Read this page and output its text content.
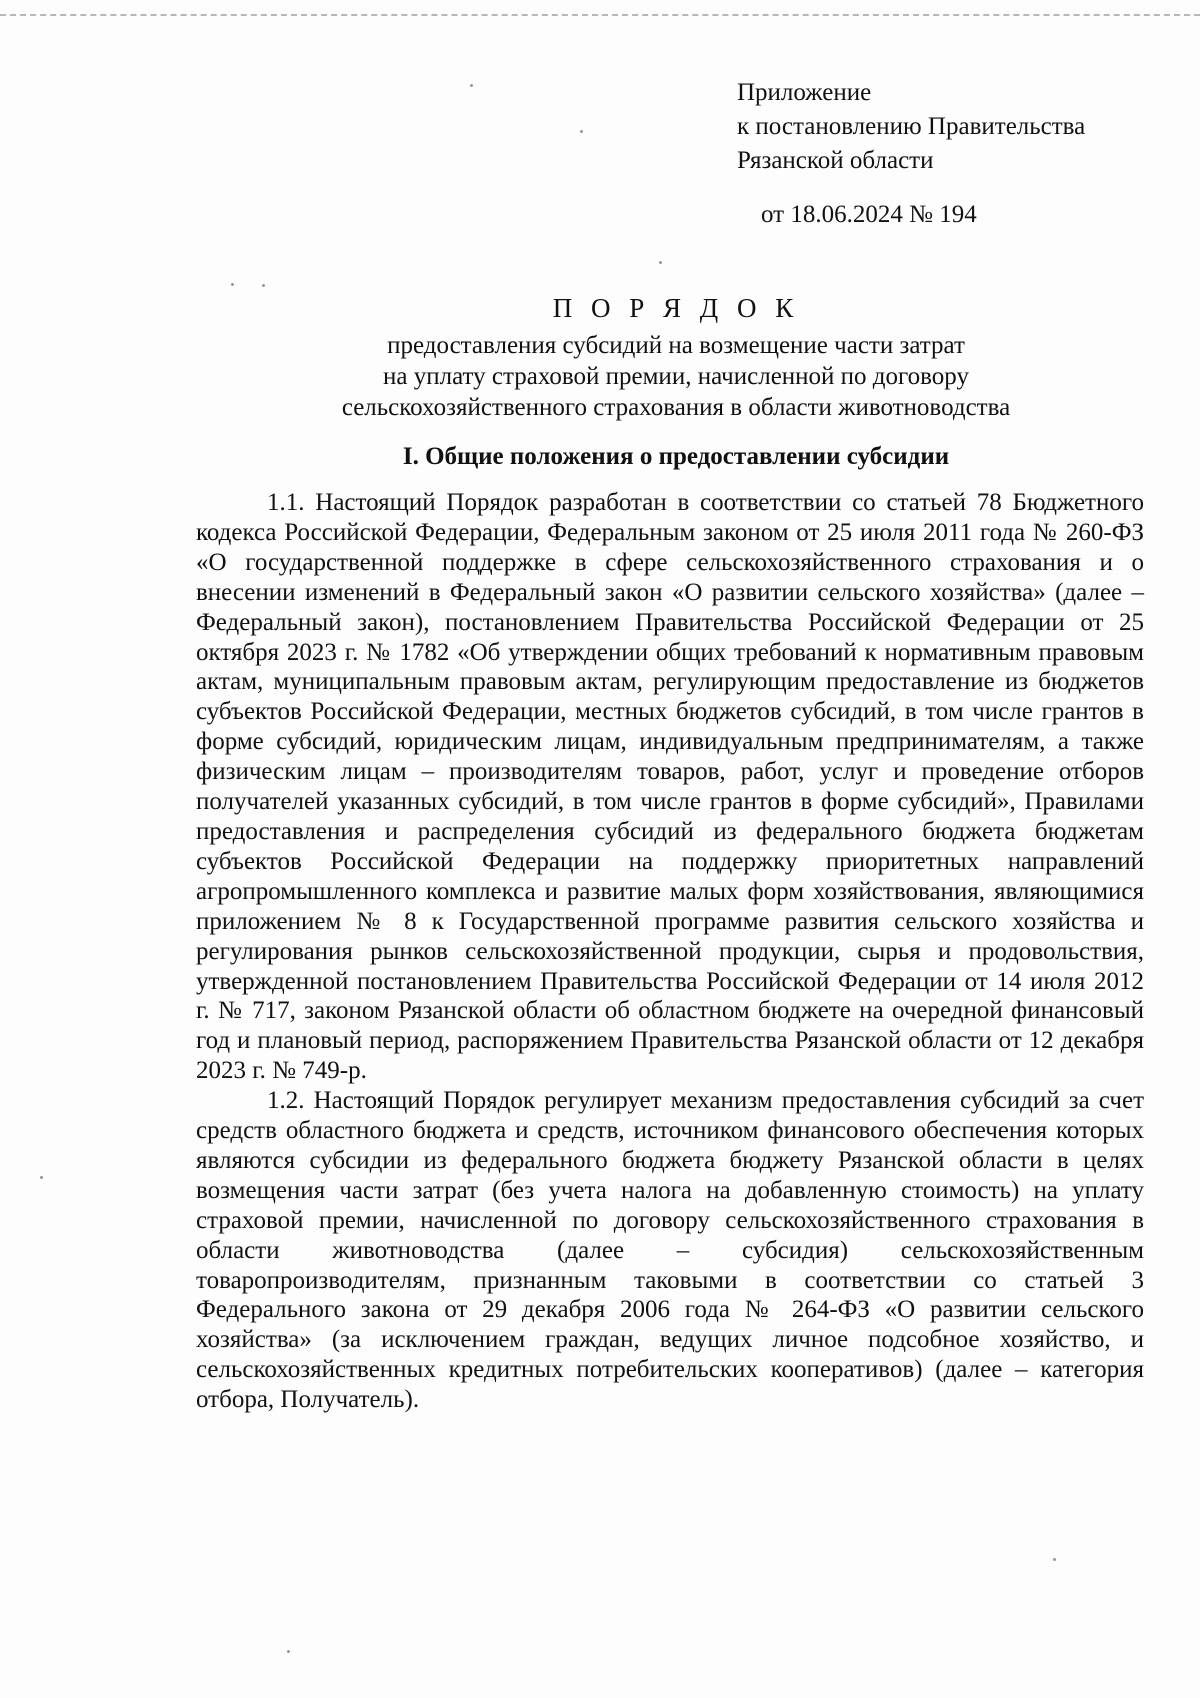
Приложение
к постановлению Правительства
Рязанской области
от 18.06.2024 № 194
П О Р Я Д О К
предоставления субсидий на возмещение части затрат
на уплату страховой премии, начисленной по договору
сельскохозяйственного страхования в области животноводства
I. Общие положения о предоставлении субсидии

1.1. Настоящий Порядок разработан в соответствии со статьей 78 Бюджетного кодекса Российской Федерации, Федеральным законом от 25 июля 2011 года № 260-ФЗ «О государственной поддержке в сфере сельскохозяйственного страхования и о внесении изменений в Федеральный закон «О развитии сельского хозяйства» (далее – Федеральный закон), постановлением Правительства Российской Федерации от 25 октября 2023 г. № 1782 «Об утверждении общих требований к нормативным правовым актам, муниципальным правовым актам, регулирующим предоставление из бюджетов субъектов Российской Федерации, местных бюджетов субсидий, в том числе грантов в форме субсидий, юридическим лицам, индивидуальным предпринимателям, а также физическим лицам – производителям товаров, работ, услуг и проведение отборов получателей указанных субсидий, в том числе грантов в форме субсидий», Правилами предоставления и распределения субсидий из федерального бюджета бюджетам субъектов Российской Федерации на поддержку приоритетных направлений агропромышленного комплекса и развитие малых форм хозяйствования, являющимися приложением № 8 к Государственной программе развития сельского хозяйства и регулирования рынков сельскохозяйственной продукции, сырья и продовольствия, утвержденной постановлением Правительства Российской Федерации от 14 июля 2012 г. № 717, законом Рязанской области об областном бюджете на очередной финансовый год и плановый период, распоряжением Правительства Рязанской области от 12 декабря 2023 г. № 749-р.

1.2. Настоящий Порядок регулирует механизм предоставления субсидий за счет средств областного бюджета и средств, источником финансового обеспечения которых являются субсидии из федерального бюджета бюджету Рязанской области в целях возмещения части затрат (без учета налога на добавленную стоимость) на уплату страховой премии, начисленной по договору сельскохозяйственного страхования в области животноводства (далее – субсидия) сельскохозяйственным товаропроизводителям, признанным таковыми в соответствии со статьей 3 Федерального закона от 29 декабря 2006 года № 264-ФЗ «О развитии сельского хозяйства» (за исключением граждан, ведущих личное подсобное хозяйство, и сельскохозяйственных кредитных потребительских кооперативов) (далее – категория отбора, Получатель).
